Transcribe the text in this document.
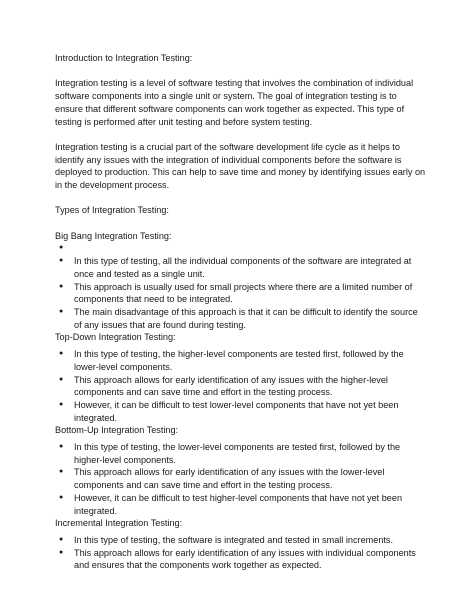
Introduction to Integration Testing:

Integration testing is a level of software testing that involves the combination of individual software components into a single unit or system. The goal of integration testing is to ensure that different software components can work together as expected. This type of testing is performed after unit testing and before system testing.

Integration testing is a crucial part of the software development life cycle as it helps to identify any issues with the integration of individual components before the software is deployed to production. This can help to save time and money by identifying issues early on in the development process.

Types of Integration Testing:

Big Bang Integration Testing:

●

●	In this type of testing, all the individual components of the software are integrated at once and tested as a single unit.
●	This approach is usually used for small projects where there are a limited number of components that need to be integrated.
●	The main disadvantage of this approach is that it can be difficult to identify the source of any issues that are found during testing.

Top-Down Integration Testing:

●	In this type of testing, the higher-level components are tested first, followed by the lower-level components.
●	This approach allows for early identification of any issues with the higher-level components and can save time and effort in the testing process.
●	However, it can be difficult to test lower-level components that have not yet been integrated.

Bottom-Up Integration Testing:

●	In this type of testing, the lower-level components are tested first, followed by the higher-level components.
●	This approach allows for early identification of any issues with the lower-level components and can save time and effort in the testing process.
●	However, it can be difficult to test higher-level components that have not yet been integrated.

Incremental Integration Testing:

●	In this type of testing, the software is integrated and tested in small increments.
●	This approach allows for early identification of any issues with individual components and ensures that the components work together as expected.
